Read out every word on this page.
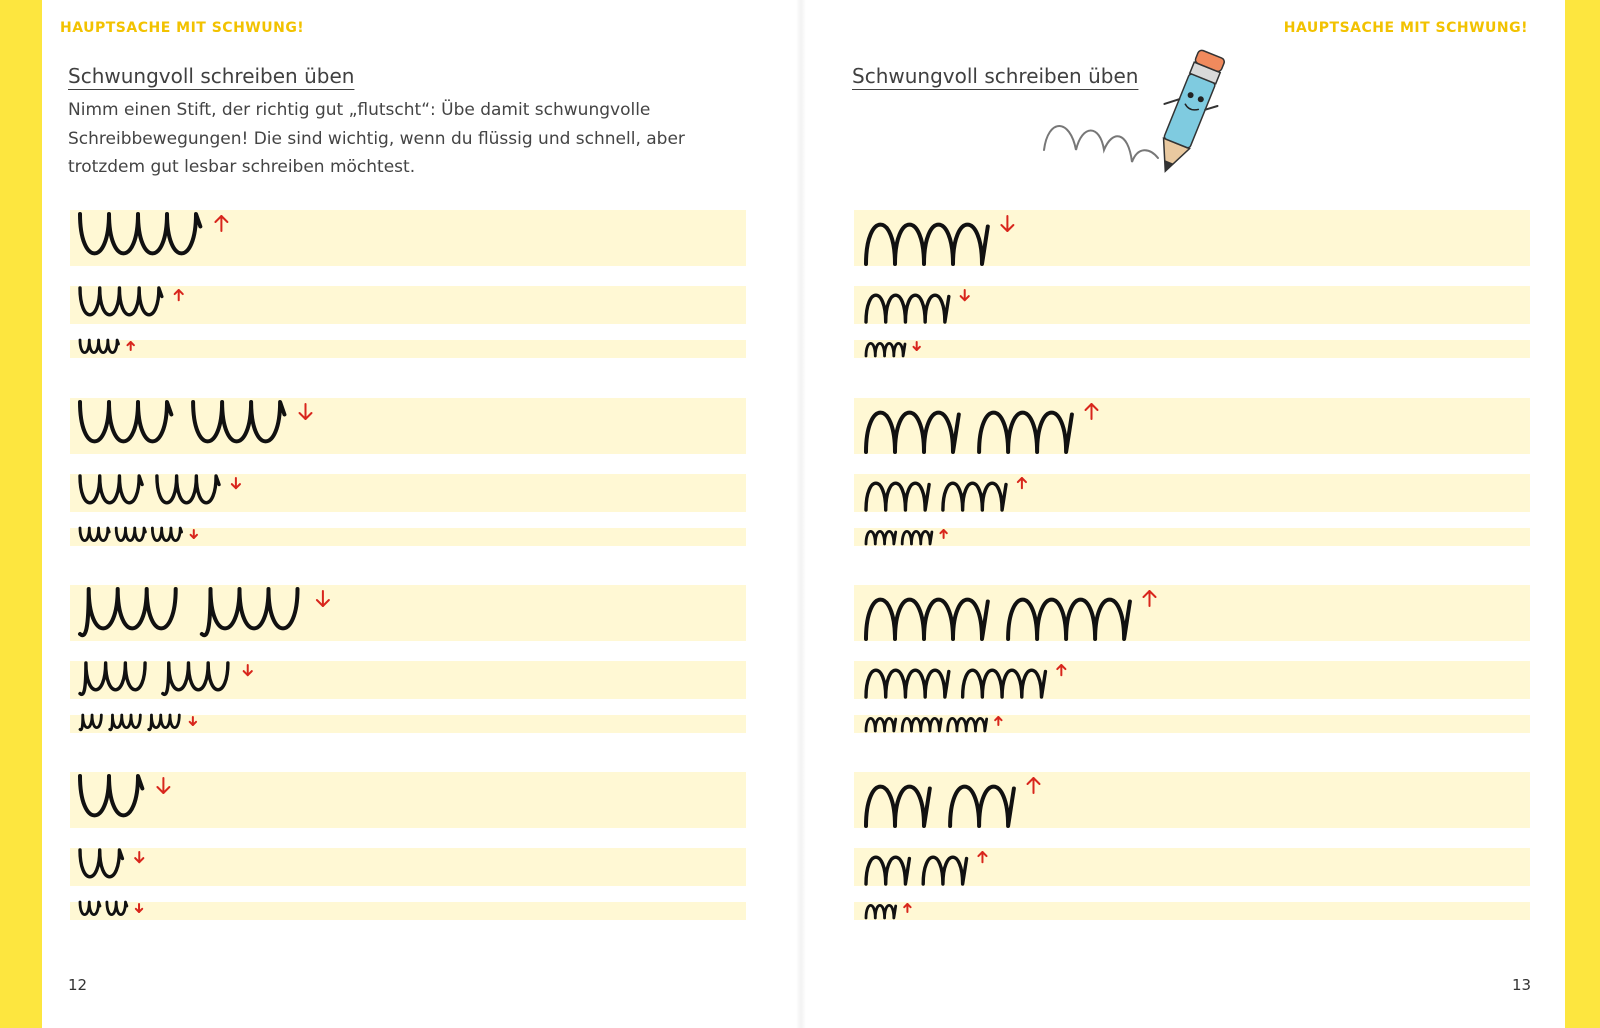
HAUPTSACHE MIT SCHWUNG!	HAUPTSACHE MIT SCHWUNG!
Schwungvoll schreiben üben	Schwungvoll schreiben üben
Nimm einen Stift, der richtig gut „flutscht“: Übe damit schwungvolle Schreibbewegungen! Die sind wichtig, wenn du flüssig und schnell, aber trotzdem gut lesbar schreiben möchtest.
12	13
